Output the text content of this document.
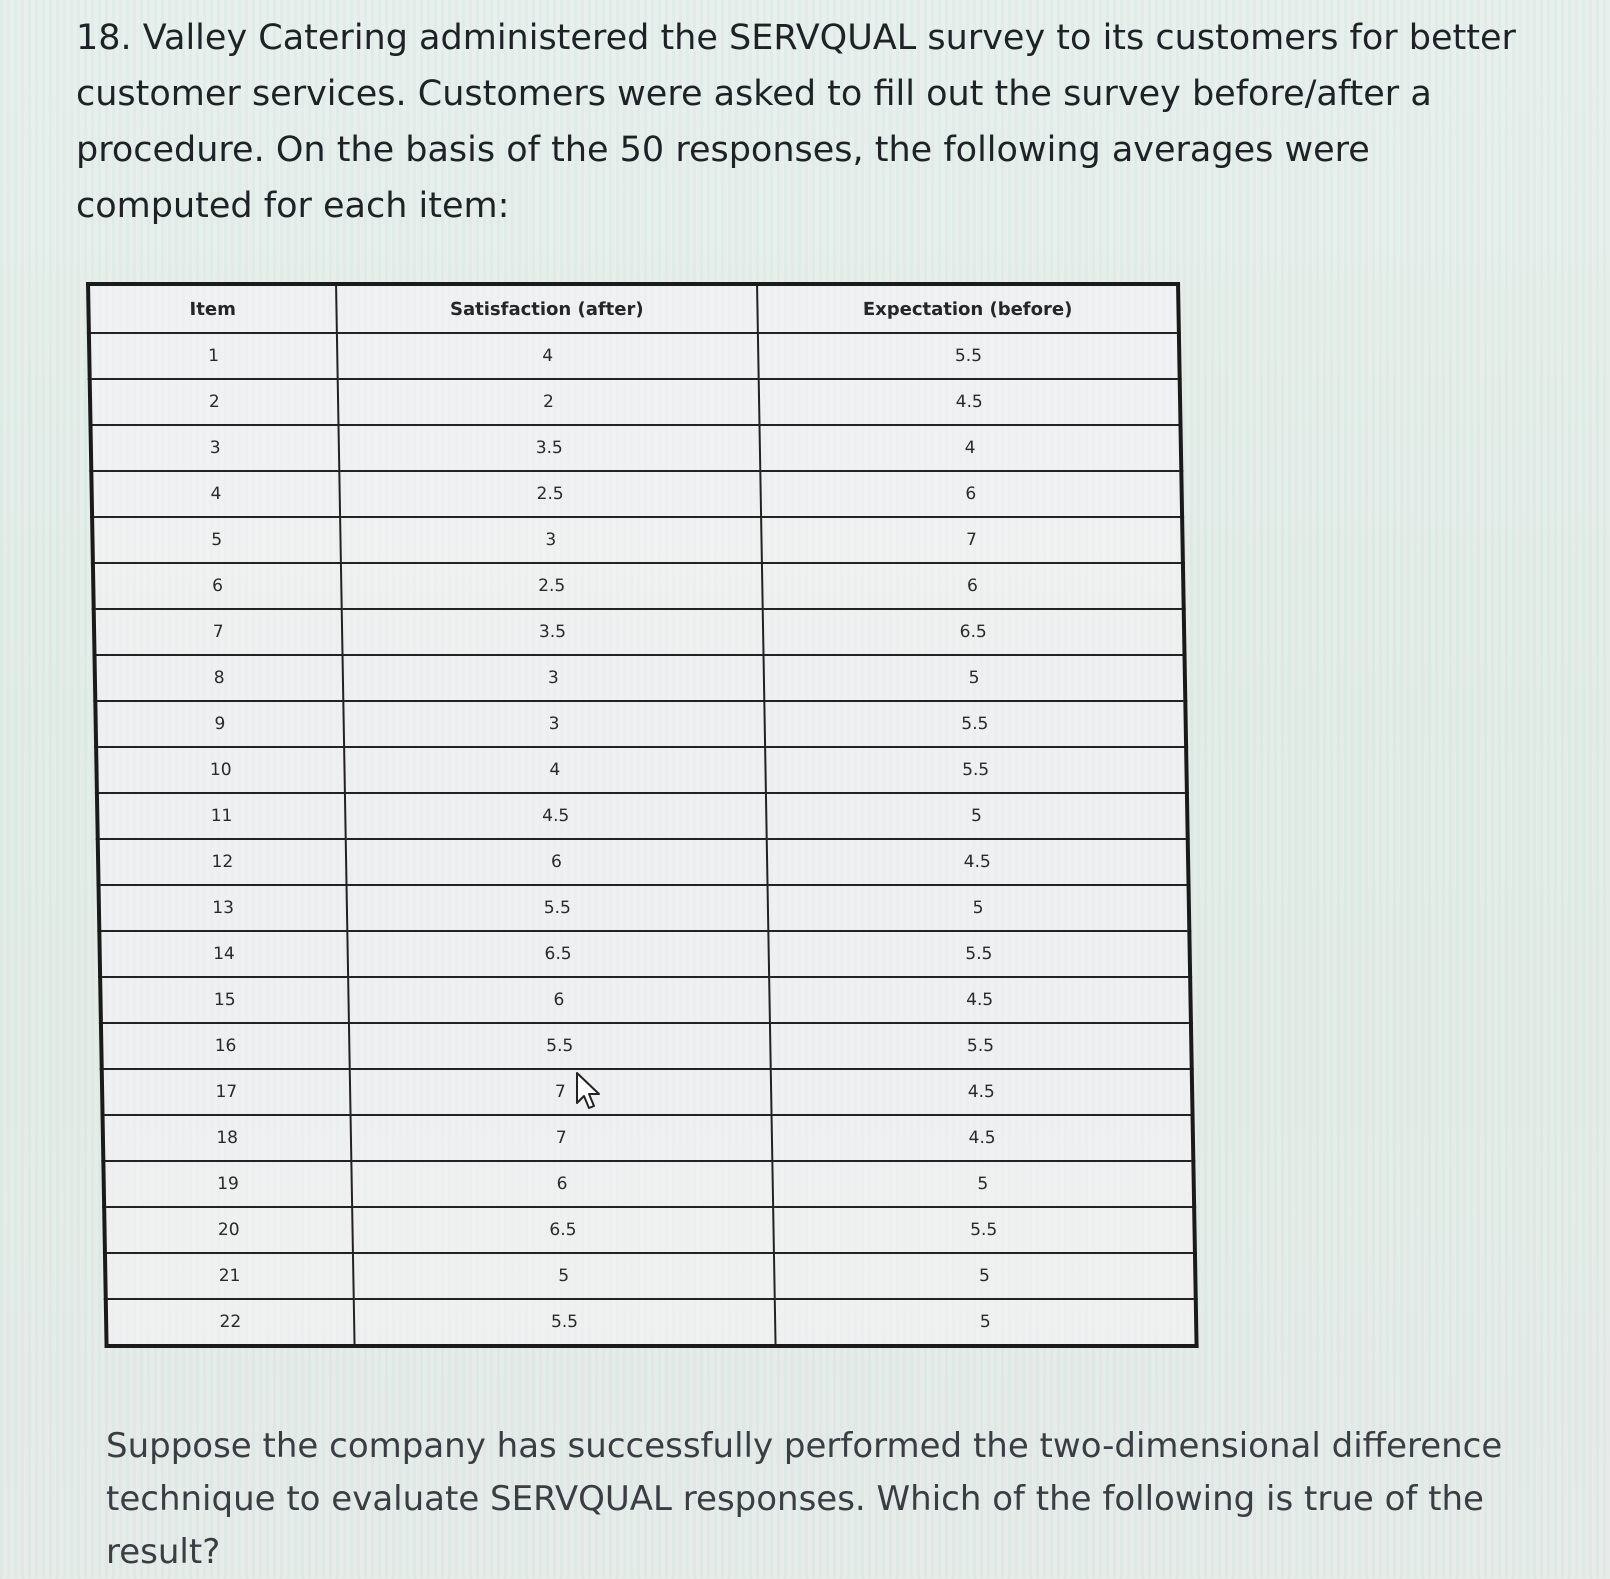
18. Valley Catering administered the SERVQUAL survey to its customers for better customer services. Customers were asked to fill out the survey before/after a procedure. On the basis of the 50 responses, the following averages were computed for each item:

Item	Satisfaction (after)	Expectation (before)
1	4	5.5
2	2	4.5
3	3.5	4
4	2.5	6
5	3	7
6	2.5	6
7	3.5	6.5
8	3	5
9	3	5.5
10	4	5.5
11	4.5	5
12	6	4.5
13	5.5	5
14	6.5	5.5
15	6	4.5
16	5.5	5.5
17	7	4.5
18	7	4.5
19	6	5
20	6.5	5.5
21	5	5
22	5.5	5

Suppose the company has successfully performed the two-dimensional difference technique to evaluate SERVQUAL responses. Which of the following is true of the result?
